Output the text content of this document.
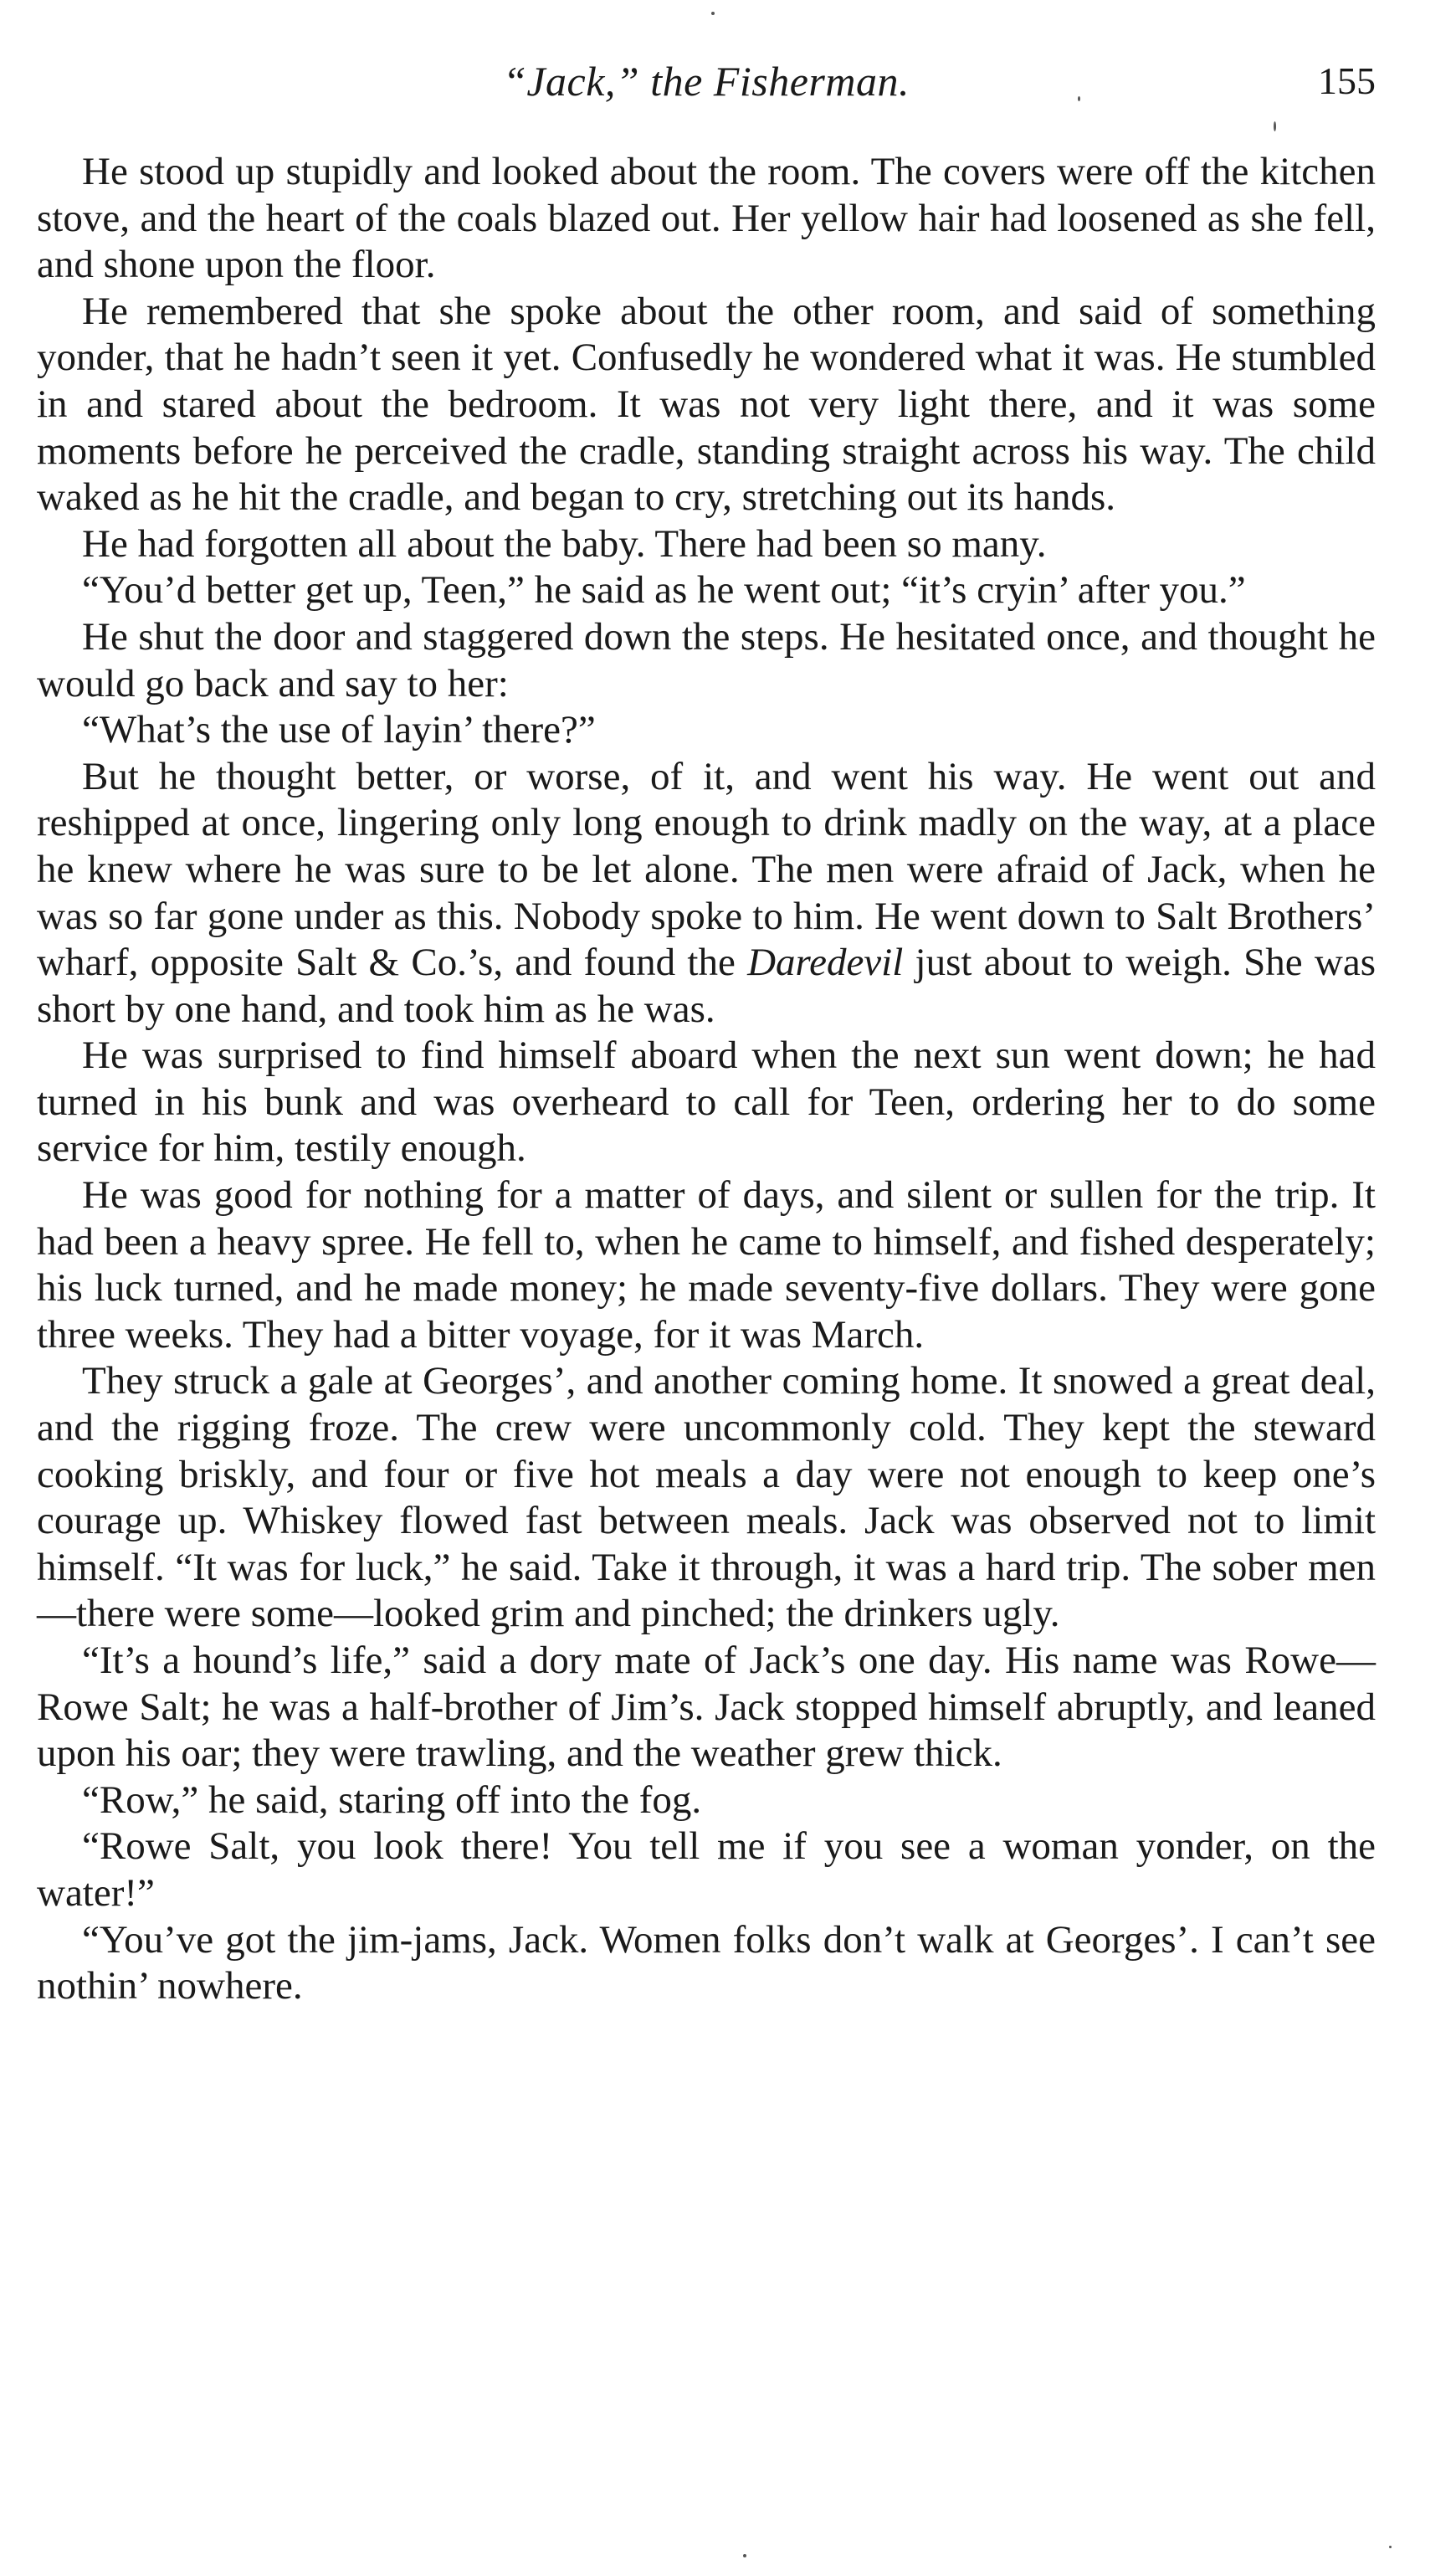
“Jack,” the Fisherman.	155

He stood up stupidly and looked about the room. The covers were off the kitchen stove, and the heart of the coals blazed out. Her yellow hair had loosened as she fell, and shone upon the floor.

He remembered that she spoke about the other room, and said of something yonder, that he hadn’t seen it yet. Confusedly he wondered what it was. He stumbled in and stared about the bedroom. It was not very light there, and it was some moments before he perceived the cradle, standing straight across his way. The child waked as he hit the cradle, and began to cry, stretching out its hands.

He had forgotten all about the baby. There had been so many.

“You’d better get up, Teen,” he said as he went out; “it’s cryin’ after you.”

He shut the door and staggered down the steps. He hesitated once, and thought he would go back and say to her:

“What’s the use of layin’ there?”

But he thought better, or worse, of it, and went his way. He went out and reshipped at once, lingering only long enough to drink madly on the way, at a place he knew where he was sure to be let alone. The men were afraid of Jack, when he was so far gone under as this. Nobody spoke to him. He went down to Salt Brothers’ wharf, opposite Salt & Co.’s, and found the Daredevil just about to weigh. She was short by one hand, and took him as he was.

He was surprised to find himself aboard when the next sun went down; he had turned in his bunk and was overheard to call for Teen, ordering her to do some service for him, testily enough.

He was good for nothing for a matter of days, and silent or sullen for the trip. It had been a heavy spree. He fell to, when he came to himself, and fished desperately; his luck turned, and he made money; he made seventy-five dollars. They were gone three weeks. They had a bitter voyage, for it was March.

They struck a gale at Georges’, and another coming home. It snowed a great deal, and the rigging froze. The crew were uncommonly cold. They kept the steward cooking briskly, and four or five hot meals a day were not enough to keep one’s courage up. Whiskey flowed fast between meals. Jack was observed not to limit himself. “It was for luck,” he said. Take it through, it was a hard trip. The sober men—there were some—looked grim and pinched; the drinkers ugly.

“It’s a hound’s life,” said a dory mate of Jack’s one day. His name was Rowe—Rowe Salt; he was a half-brother of Jim’s. Jack stopped himself abruptly, and leaned upon his oar; they were trawling, and the weather grew thick.

“Row,” he said, staring off into the fog.

“Rowe Salt, you look there! You tell me if you see a woman yonder, on the water!”

“You’ve got the jim-jams, Jack. Women folks don’t walk at Georges’. I can’t see nothin’ nowhere.
